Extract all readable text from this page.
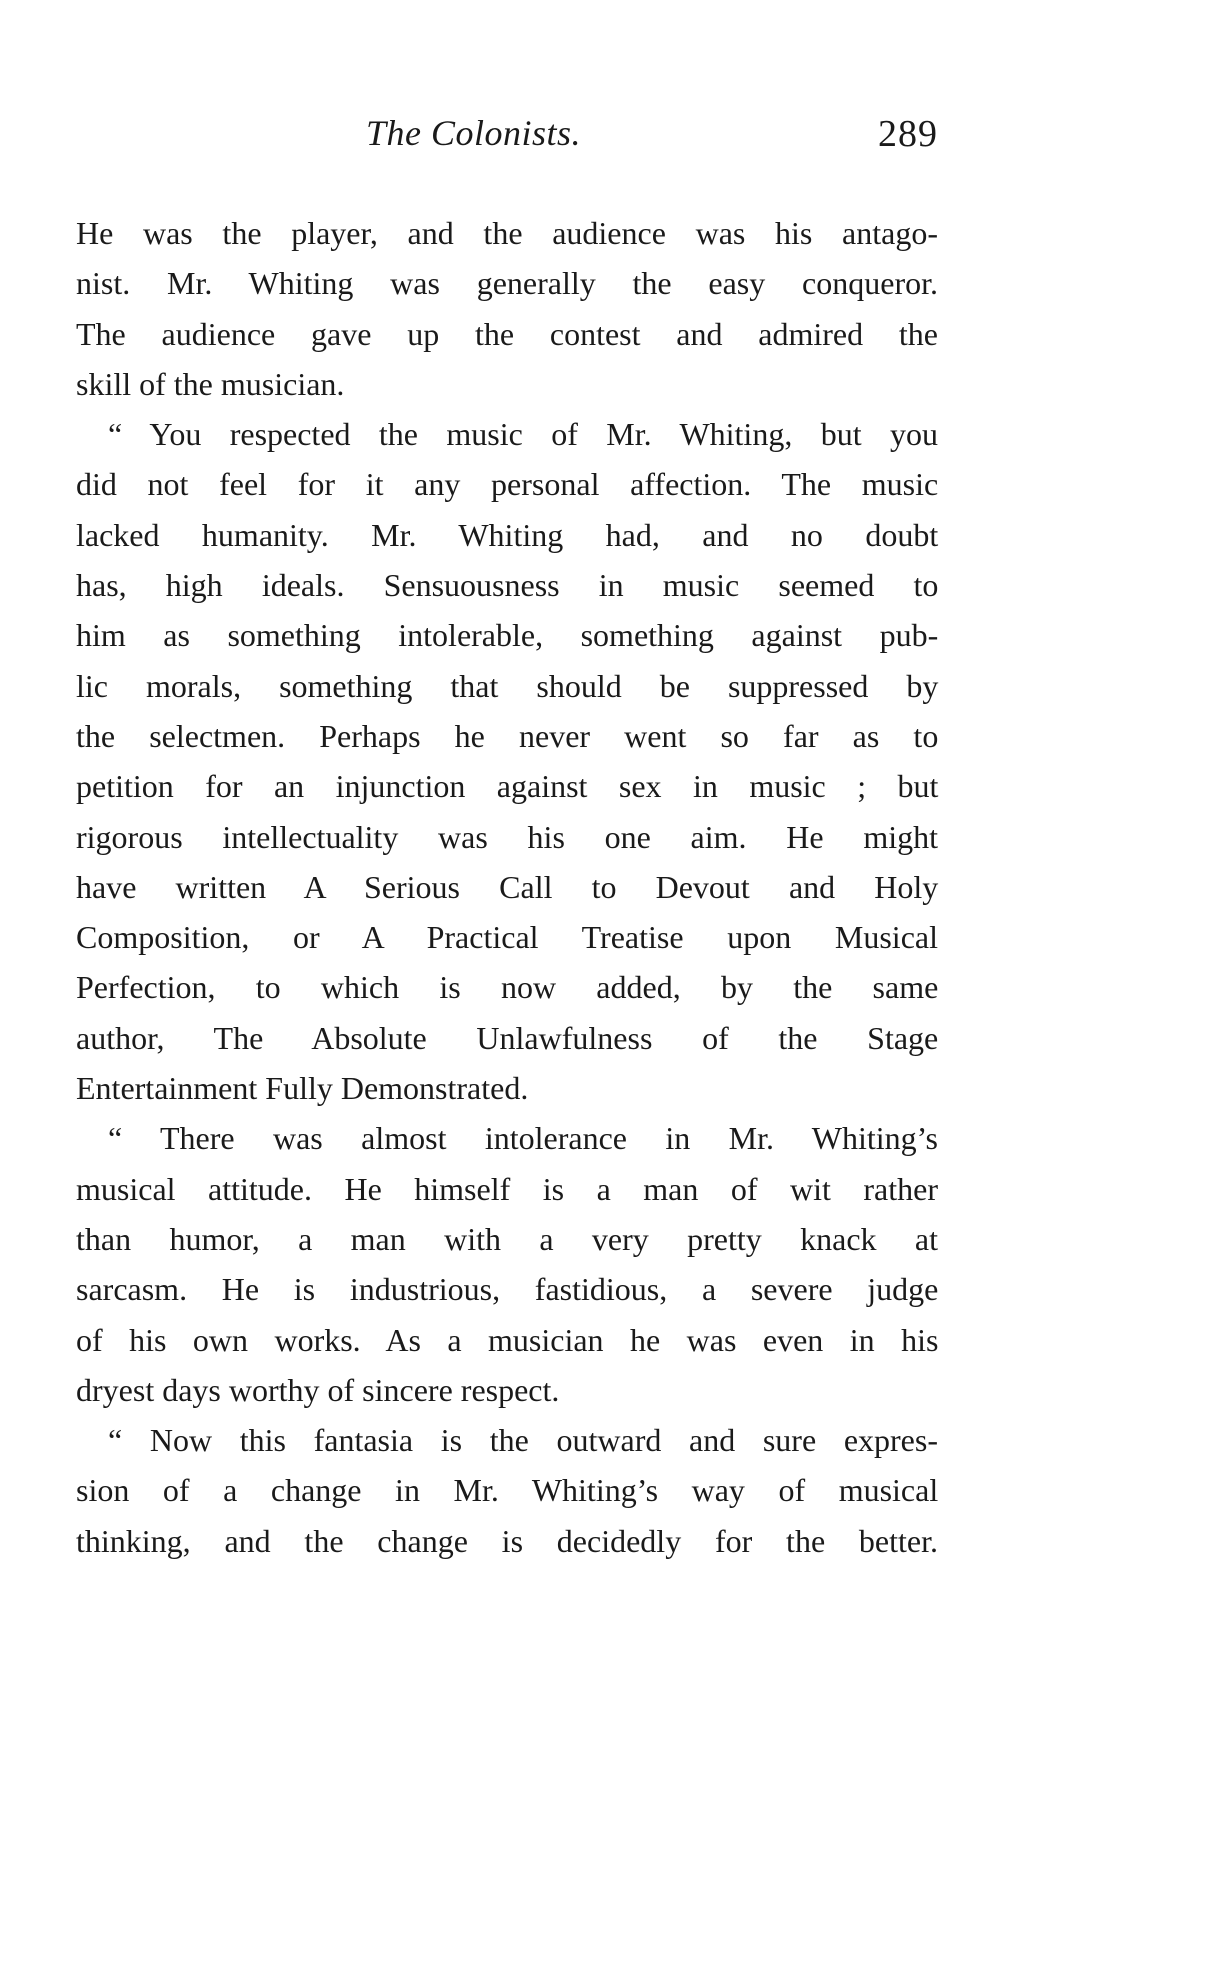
The Colonists.	289

He was the player, and the audience was his antago-
nist. Mr. Whiting was generally the easy conqueror.
The audience gave up the contest and admired the
skill of the musician.

“ You respected the music of Mr. Whiting, but you
did not feel for it any personal affection. The music
lacked humanity. Mr. Whiting had, and no doubt
has, high ideals. Sensuousness in music seemed to
him as something intolerable, something against pub-
lic morals, something that should be suppressed by
the selectmen. Perhaps he never went so far as to
petition for an injunction against sex in music ; but
rigorous intellectuality was his one aim. He might
have written A Serious Call to Devout and Holy
Composition, or A Practical Treatise upon Musical
Perfection, to which is now added, by the same
author, The Absolute Unlawfulness of the Stage
Entertainment Fully Demonstrated.

“ There was almost intolerance in Mr. Whiting’s
musical attitude. He himself is a man of wit rather
than humor, a man with a very pretty knack at
sarcasm. He is industrious, fastidious, a severe judge
of his own works. As a musician he was even in his
dryest days worthy of sincere respect.

“ Now this fantasia is the outward and sure expres-
sion of a change in Mr. Whiting’s way of musical
thinking, and the change is decidedly for the better.
